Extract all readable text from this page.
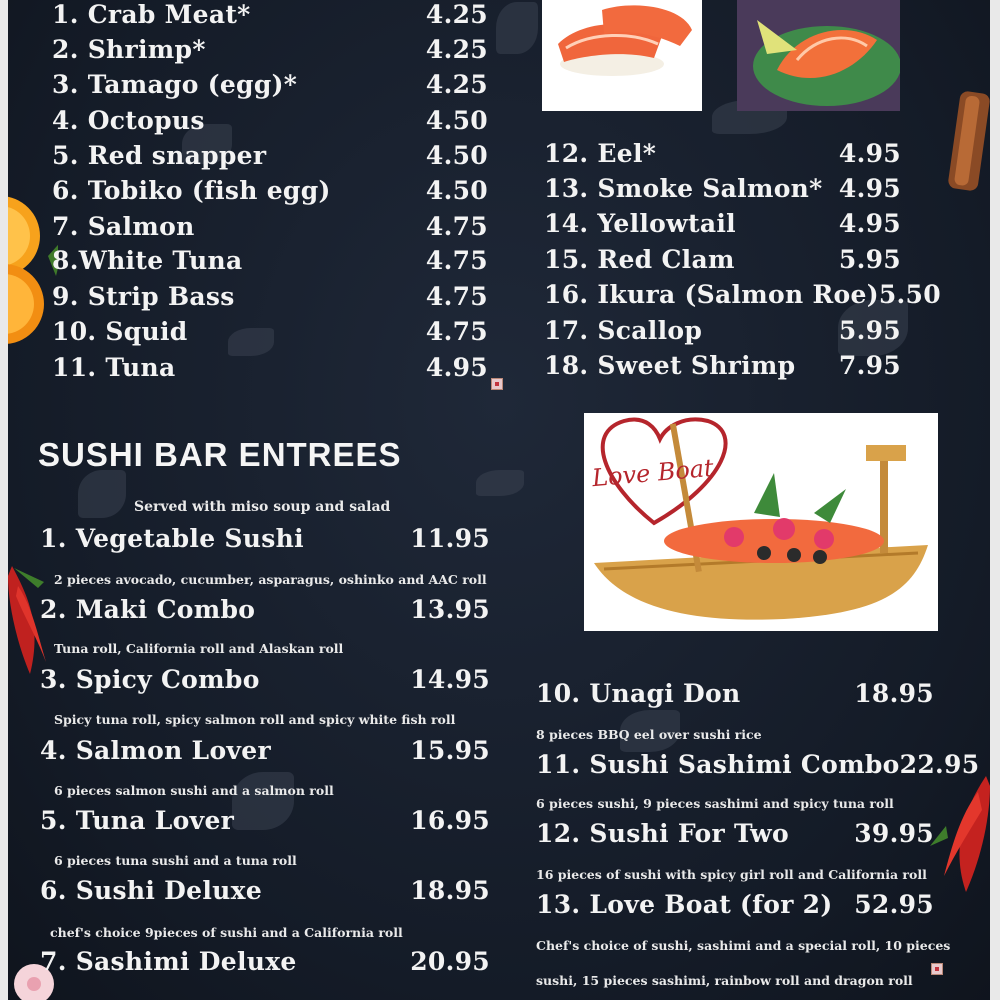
Love Boat
1. Crab Meat*	4.25
2. Shrimp*	4.25
3. Tamago (egg)*	4.25
4. Octopus	4.50
5. Red snapper	4.50
6. Tobiko (fish egg)	4.50
7. Salmon	4.75
8.White Tuna	4.75
9. Strip Bass	4.75
10. Squid	4.75
11. Tuna	4.95
12. Eel*	4.95
13. Smoke Salmon* 4.95
14. Yellowtail	4.95
15. Red Clam	5.95
16. Ikura (Salmon Roe) 5.50
17. Scallop	5.95
18. Sweet Shrimp 7.95
SUSHI BAR ENTREES
Served with miso soup and salad
1. Vegetable Sushi	11.95
2 pieces avocado, cucumber, asparagus, oshinko and AAC roll
2. Maki Combo	13.95
Tuna roll, California roll and Alaskan roll
3. Spicy Combo	14.95
Spicy tuna roll, spicy salmon roll and spicy white fish roll
4. Salmon Lover	15.95
6 pieces salmon sushi and a salmon roll
5. Tuna Lover	16.95
6 pieces tuna sushi and a tuna roll
6. Sushi Deluxe	18.95
chef's choice 9pieces of sushi and a California roll
7. Sashimi Deluxe	20.95
10. Unagi Don	18.95
8 pieces BBQ eel over sushi rice
11. Sushi Sashimi Combo 22.95
6 pieces sushi, 9 pieces sashimi and spicy tuna roll
12. Sushi For Two	39.95
16 pieces of sushi with spicy girl roll and California roll
13. Love Boat (for 2) 52.95
Chef's choice of sushi, sashimi and a special roll, 10 pieces
sushi, 15 pieces sashimi, rainbow roll and dragon roll
